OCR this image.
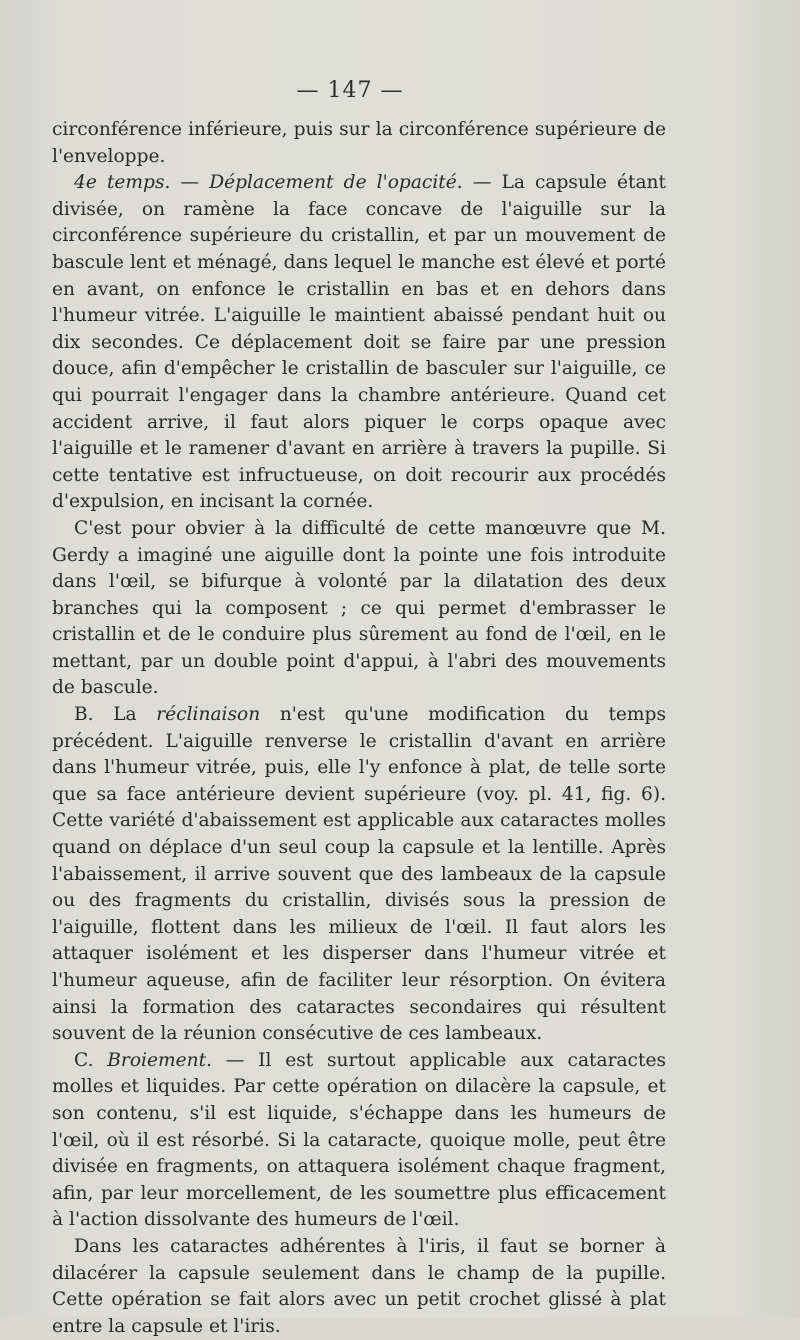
— 147 —

circonférence inférieure, puis sur la circonférence supérieure de l'enveloppe.

4e temps. — Déplacement de l'opacité. — La capsule étant divisée, on ramène la face concave de l'aiguille sur la circonférence supérieure du cristallin, et par un mouvement de bascule lent et ménagé, dans lequel le manche est élevé et porté en avant, on enfonce le cristallin en bas et en dehors dans l'humeur vitrée. L'aiguille le maintient abaissé pendant huit ou dix secondes. Ce déplacement doit se faire par une pression douce, afin d'empêcher le cristallin de basculer sur l'aiguille, ce qui pourrait l'engager dans la chambre antérieure. Quand cet accident arrive, il faut alors piquer le corps opaque avec l'aiguille et le ramener d'avant en arrière à travers la pupille. Si cette tentative est infructueuse, on doit recourir aux procédés d'expulsion, en incisant la cornée.

C'est pour obvier à la difficulté de cette manœuvre que M. Gerdy a imaginé une aiguille dont la pointe une fois introduite dans l'œil, se bifurque à volonté par la dilatation des deux branches qui la composent ; ce qui permet d'embrasser le cristallin et de le conduire plus sûrement au fond de l'œil, en le mettant, par un double point d'appui, à l'abri des mouvements de bascule.

B. La réclinaison n'est qu'une modification du temps précédent. L'aiguille renverse le cristallin d'avant en arrière dans l'humeur vitrée, puis, elle l'y enfonce à plat, de telle sorte que sa face antérieure devient supérieure (voy. pl. 41, fig. 6). Cette variété d'abaissement est applicable aux cataractes molles quand on déplace d'un seul coup la capsule et la lentille. Après l'abaissement, il arrive souvent que des lambeaux de la capsule ou des fragments du cristallin, divisés sous la pression de l'aiguille, flottent dans les milieux de l'œil. Il faut alors les attaquer isolément et les disperser dans l'humeur vitrée et l'humeur aqueuse, afin de faciliter leur résorption. On évitera ainsi la formation des cataractes secondaires qui résultent souvent de la réunion consécutive de ces lambeaux.

C. Broiement. — Il est surtout applicable aux cataractes molles et liquides. Par cette opération on dilacère la capsule, et son contenu, s'il est liquide, s'échappe dans les humeurs de l'œil, où il est résorbé. Si la cataracte, quoique molle, peut être divisée en fragments, on attaquera isolément chaque fragment, afin, par leur morcellement, de les soumettre plus efficacement à l'action dissolvante des humeurs de l'œil.

Dans les cataractes adhérentes à l'iris, il faut se borner à dilacérer la capsule seulement dans le champ de la pupille. Cette opération se fait alors avec un petit crochet glissé à plat entre la capsule et l'iris.
